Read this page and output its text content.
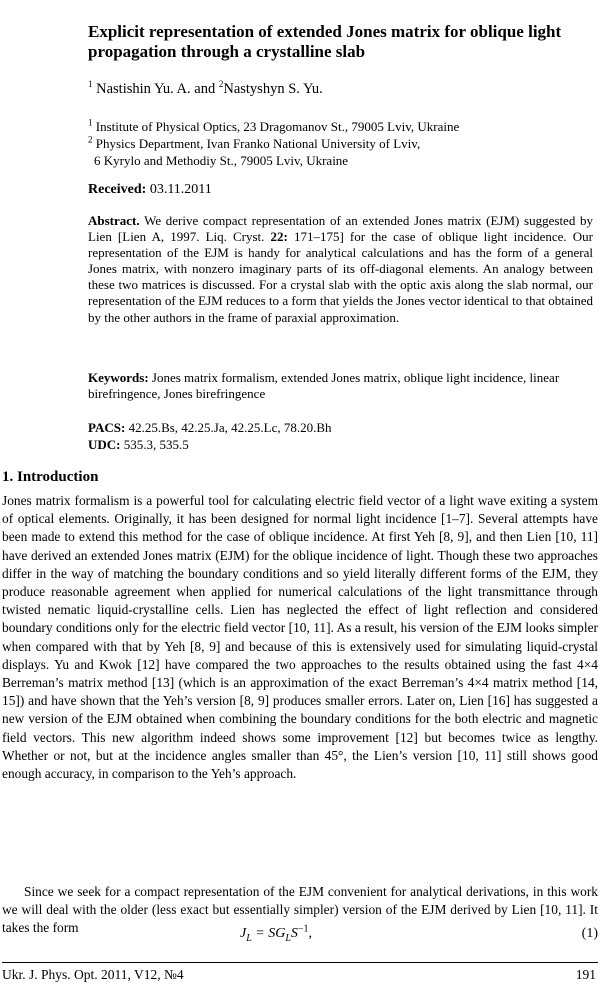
Explicit representation of extended Jones matrix for oblique light propagation through a crystalline slab
$^1$ Nastishin Yu. A. and $^2$Nastyshyn S. Yu.
$^1$ Institute of Physical Optics, 23 Dragomanov St., 79005 Lviv, Ukraine
$^2$ Physics Department, Ivan Franko National University of Lviv,
6 Kyrylo and Methodiy St., 79005 Lviv, Ukraine
Received: 03.11.2011
Abstract. We derive compact representation of an extended Jones matrix (EJM) suggested by Lien [Lien A, 1997. Liq. Cryst. 22: 171–175] for the case of oblique light incidence. Our representation of the EJM is handy for analytical calculations and has the form of a general Jones matrix, with nonzero imaginary parts of its off-diagonal elements. An analogy between these two matrices is discussed. For a crystal slab with the optic axis along the slab normal, our representation of the EJM reduces to a form that yields the Jones vector identical to that obtained by the other authors in the frame of paraxial approximation.
Keywords: Jones matrix formalism, extended Jones matrix, oblique light incidence, linear birefringence, Jones birefringence
PACS: 42.25.Bs, 42.25.Ja, 42.25.Lc, 78.20.Bh
UDC: 535.3, 535.5
1. Introduction
Jones matrix formalism is a powerful tool for calculating electric field vector of a light wave exiting a system of optical elements. Originally, it has been designed for normal light incidence [1–7]. Several attempts have been made to extend this method for the case of oblique incidence. At first Yeh [8, 9], and then Lien [10, 11] have derived an extended Jones matrix (EJM) for the oblique incidence of light. Though these two approaches differ in the way of matching the boundary conditions and so yield literally different forms of the EJM, they produce reasonable agreement when applied for numerical calculations of the light transmittance through twisted nematic liquid-crystalline cells. Lien has neglected the effect of light reflection and considered boundary conditions only for the electric field vector [10, 11]. As a result, his version of the EJM looks simpler when compared with that by Yeh [8, 9] and because of this is extensively used for simulating liquid-crystal displays. Yu and Kwok [12] have compared the two approaches to the results obtained using the fast 4×4 Berreman’s matrix method [13] (which is an approximation of the exact Berreman’s 4×4 matrix method [14, 15]) and have shown that the Yeh’s version [8, 9] produces smaller errors. Later on, Lien [16] has suggested a new version of the EJM obtained when combining the boundary conditions for the both electric and magnetic field vectors. This new algorithm indeed shows some improvement [12] but becomes twice as lengthy. Whether or not, but at the incidence angles smaller than 45°, the Lien’s version [10, 11] still shows good enough accuracy, in comparison to the Yeh’s approach.
Since we seek for a compact representation of the EJM convenient for analytical derivations, in this work we will deal with the older (less exact but essentially simpler) version of the EJM derived by Lien [10, 11]. It takes the form	$J_L = SG_LS^{-1}$,	(1)
Ukr. J. Phys. Opt. 2011, V12, №4	191
